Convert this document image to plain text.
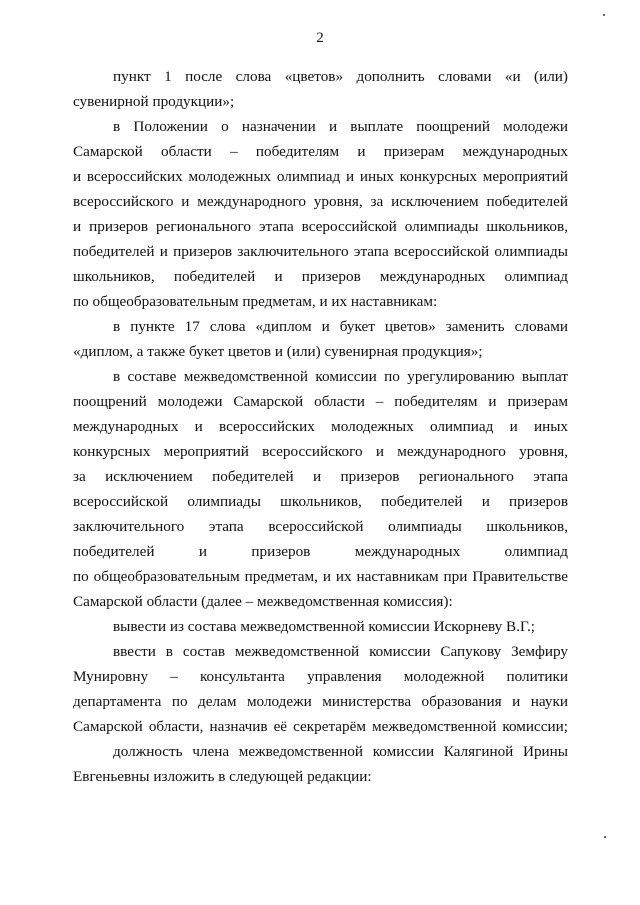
2
пункт 1 после слова «цветов» дополнить словами «и (или)
сувенирной продукции»;
в Положении о назначении и выплате поощрений молодежи
Самарской области – победителям и призерам международных
и всероссийских молодежных олимпиад и иных конкурсных мероприятий
всероссийского и международного уровня, за исключением победителей
и призеров регионального этапа всероссийской олимпиады школьников,
победителей и призеров заключительного этапа всероссийской олимпиады
школьников, победителей и призеров международных олимпиад
по общеобразовательным предметам, и их наставникам:
в пункте 17 слова «диплом и букет цветов» заменить словами
«диплом, а также букет цветов и (или) сувенирная продукция»;
в составе межведомственной комиссии по урегулированию выплат
поощрений молодежи Самарской области – победителям и призерам
международных и всероссийских молодежных олимпиад и иных
конкурсных мероприятий всероссийского и международного уровня,
за исключением победителей и призеров регионального этапа
всероссийской олимпиады школьников, победителей и призеров
заключительного этапа всероссийской олимпиады школьников,
победителей и призеров международных олимпиад
по общеобразовательным предметам, и их наставникам при Правительстве
Самарской области (далее – межведомственная комиссия):
вывести из состава межведомственной комиссии Искорневу В.Г.;
ввести в состав межведомственной комиссии Сапукову Земфиру
Мунировну – консультанта управления молодежной политики
департамента по делам молодежи министерства образования и науки
Самарской области, назначив её секретарём межведомственной комиссии;
должность члена межведомственной комиссии Калягиной Ирины
Евгеньевны изложить в следующей редакции:
